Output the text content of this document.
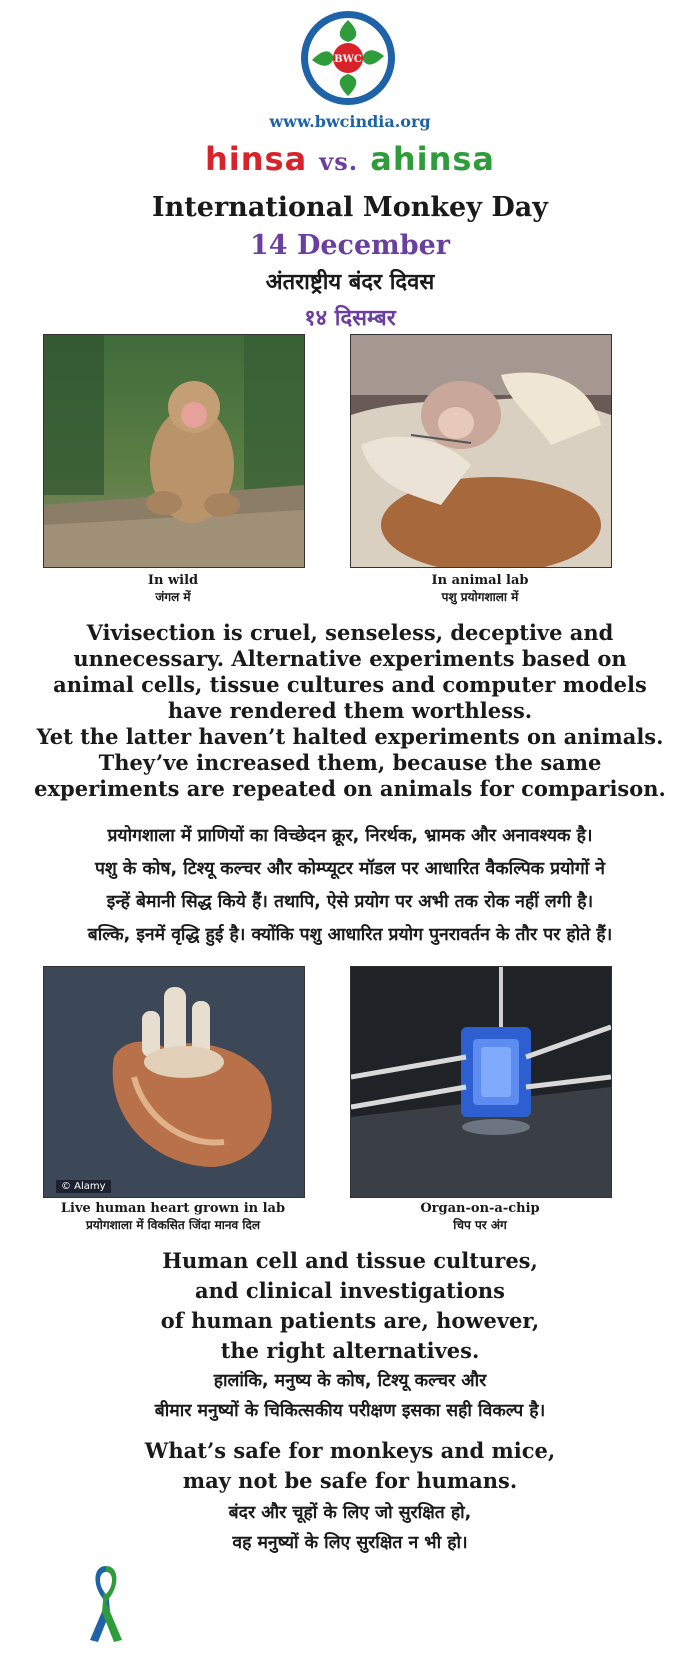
BWC
www.bwcindia.org
hinsa vs. ahinsa
International Monkey Day
14 December
अंतराष्ट्रीय बंदर दिवस
१४ दिसम्बर
In wild
जंगल में
In animal lab
पशु प्रयोगशाला में
Vivisection is cruel, senseless, deceptive and
unnecessary. Alternative experiments based on
animal cells, tissue cultures and computer models
have rendered them worthless.
Yet the latter haven’t halted experiments on animals.
They’ve increased them, because the same
experiments are repeated on animals for comparison.
प्रयोगशाला में प्राणियों का विच्छेदन क्रूर, निरर्थक, भ्रामक और अनावश्यक है।
पशु के कोष, टिश्यू कल्चर और कोम्प्यूटर मॉडल पर आधारित वैकल्पिक प्रयोगों ने
इन्हें बेमानी सिद्ध किये हैं। तथापि, ऐसे प्रयोग पर अभी तक रोक नहीं लगी है।
बल्कि, इनमें वृद्धि हुई है। क्योंकि पशु आधारित प्रयोग पुनरावर्तन के तौर पर होते हैं।
© Alamy
Live human heart grown in lab
प्रयोगशाला में विकसित जिंदा मानव दिल
Organ-on-a-chip
चिप पर अंग
Human cell and tissue cultures,
and clinical investigations
of human patients are, however,
the right alternatives.
हालांकि, मनुष्य के कोष, टिश्यू कल्चर और
बीमार मनुष्यों के चिकित्सकीय परीक्षण इसका सही विकल्प है।
What’s safe for monkeys and mice,
may not be safe for humans.
बंदर और चूहों के लिए जो सुरक्षित हो,
वह मनुष्यों के लिए सुरक्षित न भी हो।
